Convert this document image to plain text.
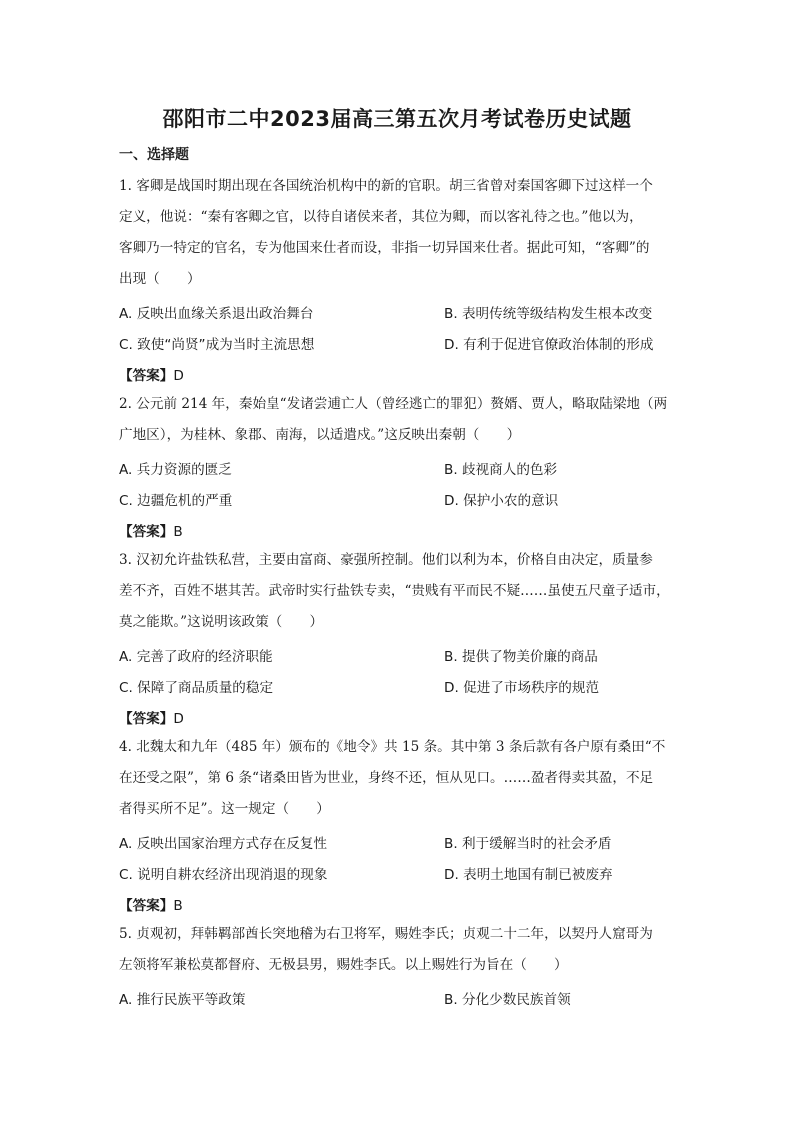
邵阳市二中2023届高三第五次月考试卷历史试题
一、选择题
1. 客卿是战国时期出现在各国统治机构中的新的官职。胡三省曾对秦国客卿下过这样一个
定义，他说：“秦有客卿之官，以待自诸侯来者，其位为卿，而以客礼待之也。”他以为，
客卿乃一特定的官名，专为他国来仕者而设，非指一切异国来仕者。据此可知，“客卿”的
出现（　　）
A. 反映出血缘关系退出政治舞台	B. 表明传统等级结构发生根本改变
C. 致使“尚贤”成为当时主流思想	D. 有利于促进官僚政治体制的形成
【答案】D
2. 公元前 214 年，秦始皇“发诸尝逋亡人（曾经逃亡的罪犯）赘婿、贾人，略取陆梁地（两
广地区），为桂林、象郡、南海，以适遣戍。”这反映出秦朝（　　）
A. 兵力资源的匮乏	B. 歧视商人的色彩
C. 边疆危机的严重	D. 保护小农的意识
【答案】B
3. 汉初允许盐铁私营，主要由富商、豪强所控制。他们以利为本，价格自由决定，质量参
差不齐，百姓不堪其苦。武帝时实行盐铁专卖，“贵贱有平而民不疑……虽使五尺童子适市，
莫之能欺。”这说明该政策（　　）
A. 完善了政府的经济职能	B. 提供了物美价廉的商品
C. 保障了商品质量的稳定	D. 促进了市场秩序的规范
【答案】D
4. 北魏太和九年（485 年）颁布的《地令》共 15 条。其中第 3 条后款有各户原有桑田“不
在还受之限”，第 6 条“诸桑田皆为世业，身终不还，恒从见口。……盈者得卖其盈，不足
者得买所不足”。这一规定（　　）
A. 反映出国家治理方式存在反复性	B. 利于缓解当时的社会矛盾
C. 说明自耕农经济出现消退的现象	D. 表明土地国有制已被废弃
【答案】B
5. 贞观初，拜韩羁部酋长突地稽为右卫将军，赐姓李氏；贞观二十二年，以契丹人窟哥为
左领将军兼松莫都督府、无极县男，赐姓李氏。以上赐姓行为旨在（　　）
A. 推行民族平等政策	B. 分化少数民族首领
